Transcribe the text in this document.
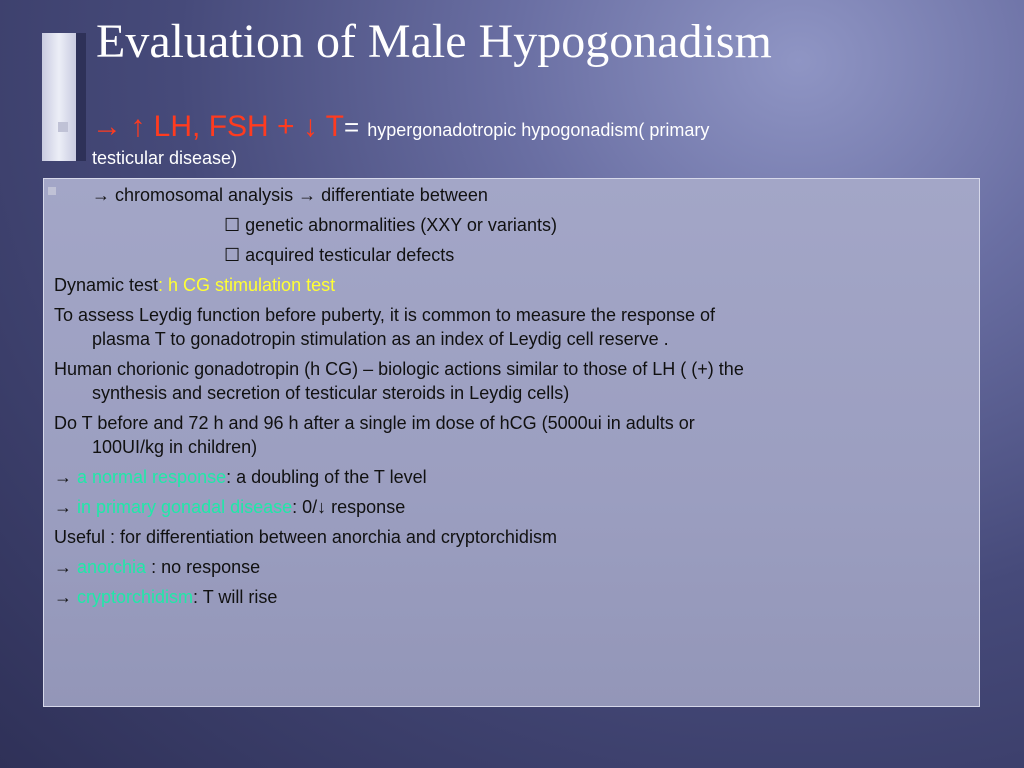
Evaluation of Male Hypogonadism
→ ↑ LH, FSH + ↓ T= hypergonadotropic hypogonadism( primary
testicular disease)
→ chromosomal analysis → differentiate between
☐ genetic abnormalities (XXY or variants)
☐ acquired testicular defects
Dynamic test: h CG stimulation test
To assess Leydig function before puberty, it is common to measure the response of
plasma T to gonadotropin stimulation as an index of Leydig cell reserve .
Human chorionic gonadotropin (h CG) – biologic actions similar to those of LH ( (+) the
synthesis and secretion of testicular steroids in Leydig cells)
Do T before and 72 h and 96 h after a single im dose of hCG (5000ui in adults or
100UI/kg in children)
→ a normal response: a doubling of the T level
→ in primary gonadal disease: 0/↓ response
Useful : for differentiation between anorchia and cryptorchidism
→ anorchia : no response
→ cryptorchidism: T will rise
